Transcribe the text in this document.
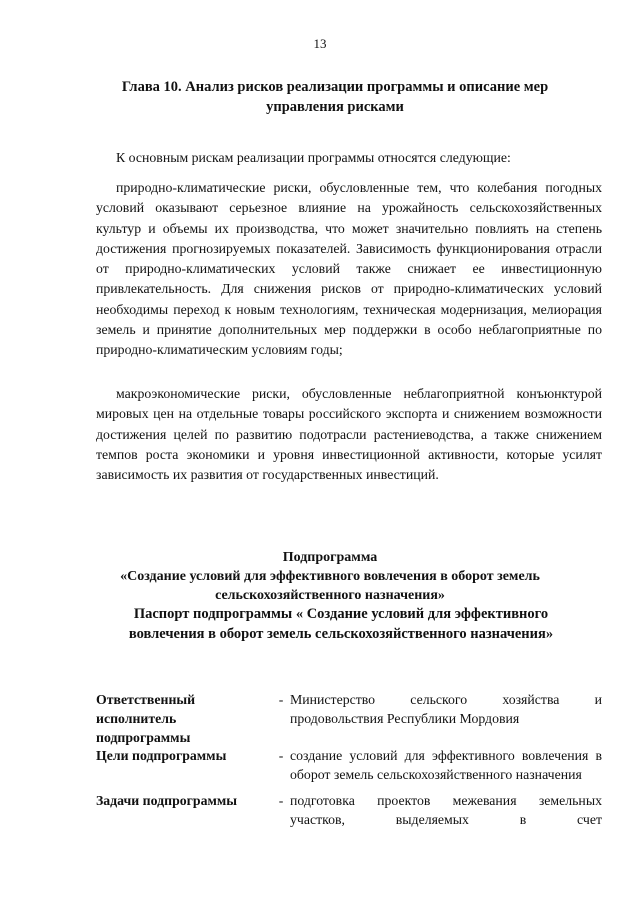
13
Глава 10. Анализ рисков реализации программы и описание мер управления рисками
К основным рискам реализации программы относятся следующие:
природно-климатические риски, обусловленные тем, что колебания погодных условий оказывают серьезное влияние на урожайность сельскохозяйственных культур и объемы их производства, что может значительно повлиять на степень достижения прогнозируемых показателей. Зависимость функционирования отрасли от природно-климатических условий также снижает ее инвестиционную привлекательность. Для снижения рисков от природно-климатических условий необходимы переход к новым технологиям, техническая модернизация, мелиорация земель и принятие дополнительных мер поддержки в особо неблагоприятные по природно-климатическим условиям годы;
макроэкономические риски, обусловленные неблагоприятной конъюнктурой мировых цен на отдельные товары российского экспорта и снижением возможности достижения целей по развитию подотрасли растениеводства, а также снижением темпов роста экономики и уровня инвестиционной активности, которые усилят зависимость их развития от государственных инвестиций.
Подпрограмма
«Создание условий для эффективного вовлечения в оборот земель сельскохозяйственного назначения»
Паспорт подпрограммы « Создание условий для эффективного вовлечения в оборот земель сельскохозяйственного назначения»
Ответственный исполнитель подпрограммы
- Министерство сельского хозяйства и продовольствия Республики Мордовия
Цели подпрограммы	- создание условий для эффективного вовлечения в оборот земель сельскохозяйственного назначения
Задачи подпрограммы	- подготовка проектов межевания земельных участков, выделяемых в счет
